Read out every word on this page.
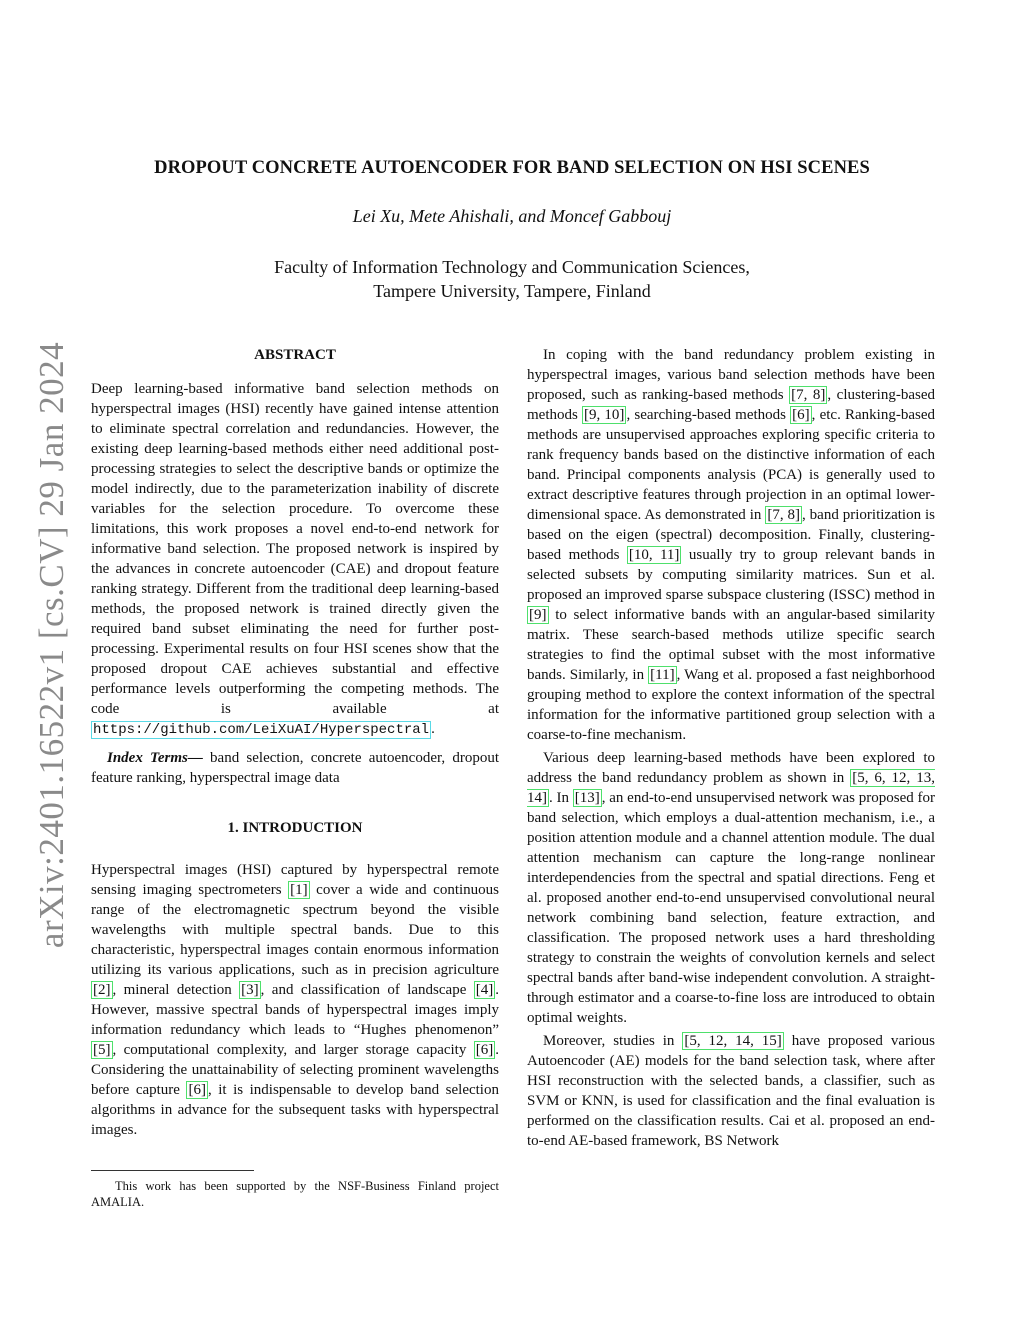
arXiv:2401.16522v1 [cs.CV] 29 Jan 2024
DROPOUT CONCRETE AUTOENCODER FOR BAND SELECTION ON HSI SCENES
Lei Xu, Mete Ahishali, and Moncef Gabbouj
Faculty of Information Technology and Communication Sciences,
Tampere University, Tampere, Finland
ABSTRACT

Deep learning-based informative band selection methods on hyperspectral images (HSI) recently have gained intense attention to eliminate spectral correlation and redundancies. However, the existing deep learning-based methods either need additional post-processing strategies to select the descriptive bands or optimize the model indirectly, due to the parameterization inability of discrete variables for the selection procedure. To overcome these limitations, this work proposes a novel end-to-end network for informative band selection. The proposed network is inspired by the advances in concrete autoencoder (CAE) and dropout feature ranking strategy. Different from the traditional deep learning-based methods, the proposed network is trained directly given the required band subset eliminating the need for further post-processing. Experimental results on four HSI scenes show that the proposed dropout CAE achieves substantial and effective performance levels outperforming the competing methods. The code is available at https://github.com/LeiXuAI/Hyperspectral .

Index Terms— band selection, concrete autoencoder, dropout feature ranking, hyperspectral image data

1. INTRODUCTION

Hyperspectral images (HSI) captured by hyperspectral remote sensing imaging spectrometers [1] cover a wide and continuous range of the electromagnetic spectrum beyond the visible wavelengths with multiple spectral bands. Due to this characteristic, hyperspectral images contain enormous information utilizing its various applications, such as in precision agriculture [2] , mineral detection [3] , and classification of landscape [4] . However, massive spectral bands of hyperspectral images imply information redundancy which leads to “Hughes phenomenon” [5] , computational complexity, and larger storage capacity [6] . Considering the unattainability of selecting prominent wavelengths before capture [6] , it is indispensable to develop band selection algorithms in advance for the subsequent tasks with hyperspectral images.

This work has been supported by the NSF-Business Finland project AMALIA.

In coping with the band redundancy problem existing in hyperspectral images, various band selection methods have been proposed, such as ranking-based methods [7, 8] , clustering-based methods [9, 10] , searching-based methods [6] , etc. Ranking-based methods are unsupervised approaches exploring specific criteria to rank frequency bands based on the distinctive information of each band. Principal components analysis (PCA) is generally used to extract descriptive features through projection in an optimal lower-dimensional space. As demonstrated in [7, 8] , band prioritization is based on the eigen (spectral) decomposition. Finally, clustering-based methods [10, 11] usually try to group relevant bands in selected subsets by computing similarity matrices. Sun et al. proposed an improved sparse subspace clustering (ISSC) method in [9] to select informative bands with an angular-based similarity matrix. These search-based methods utilize specific search strategies to find the optimal subset with the most informative bands. Similarly, in [11] , Wang et al. proposed a fast neighborhood grouping method to explore the context information of the spectral information for the informative partitioned group selection with a coarse-to-fine mechanism.

Various deep learning-based methods have been explored to address the band redundancy problem as shown in [5, 6, 12, 13, 14] . In [13] , an end-to-end unsupervised network was proposed for band selection, which employs a dual-attention mechanism, i.e., a position attention module and a channel attention module. The dual attention mechanism can capture the long-range nonlinear interdependencies from the spectral and spatial directions. Feng et al. proposed another end-to-end unsupervised convolutional neural network combining band selection, feature extraction, and classification. The proposed network uses a hard thresholding strategy to constrain the weights of convolution kernels and select spectral bands after band-wise independent convolution. A straight-through estimator and a coarse-to-fine loss are introduced to obtain optimal weights.

Moreover, studies in [5, 12, 14, 15] have proposed various Autoencoder (AE) models for the band selection task, where after HSI reconstruction with the selected bands, a classifier, such as SVM or KNN, is used for classification and the final evaluation is performed on the classification results. Cai et al. proposed an end-to-end AE-based framework, BS Network
